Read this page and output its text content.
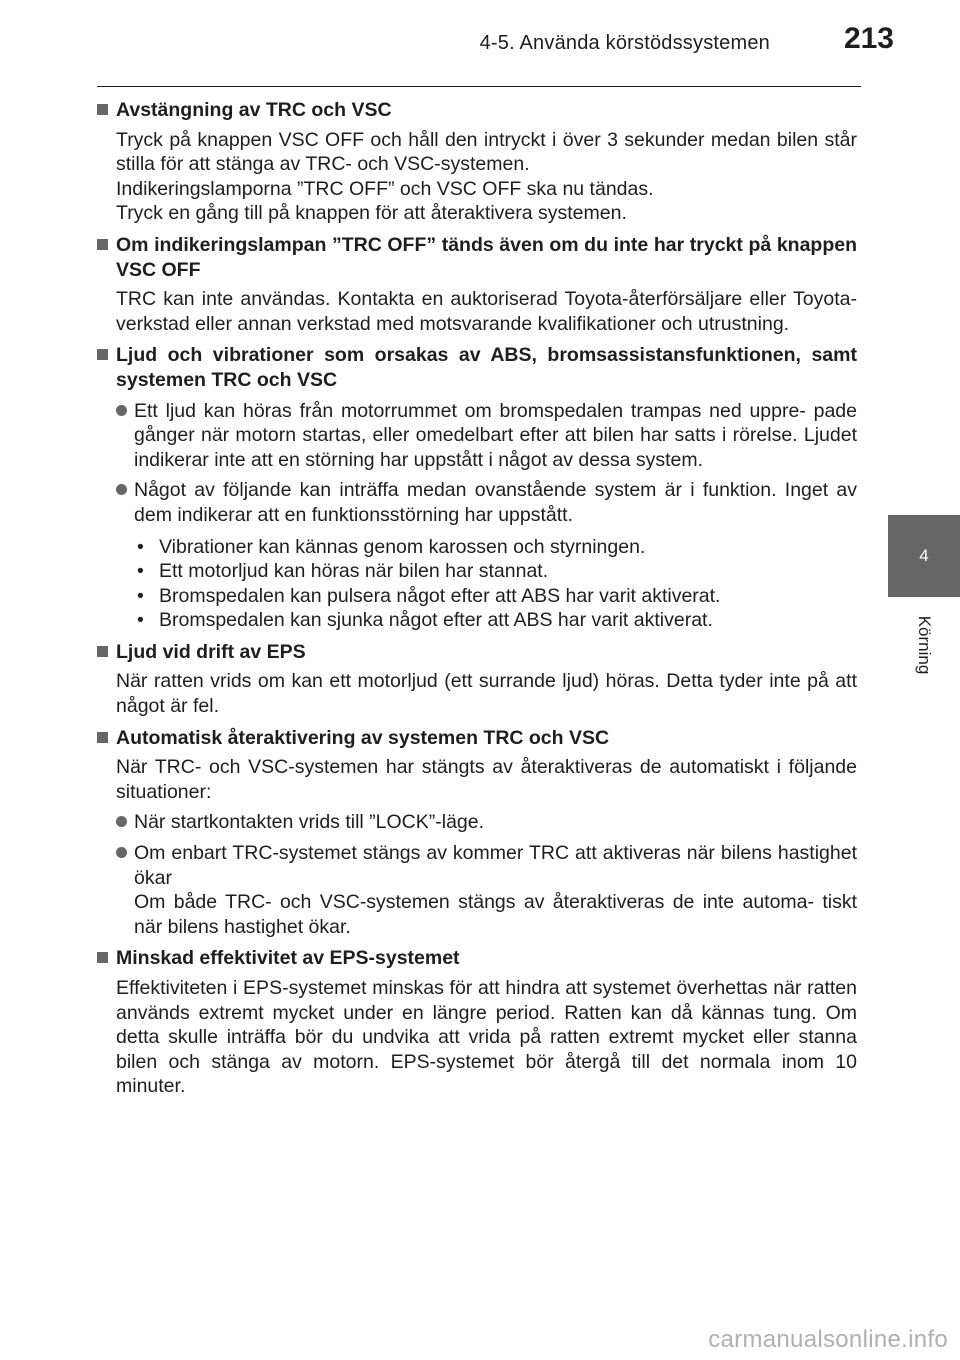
4-5. Använda körstödssystemen 213
4
Körning
Avstängning av TRC och VSC
Tryck på knappen VSC OFF och håll den intryckt i över 3 sekunder medan bilen står stilla för att stänga av TRC- och VSC-systemen.
Indikeringslamporna ”TRC OFF” och VSC OFF ska nu tändas.
Tryck en gång till på knappen för att återaktivera systemen.
Om indikeringslampan ”TRC OFF” tänds även om du inte har tryckt på knappen VSC OFF
TRC kan inte användas. Kontakta en auktoriserad Toyota-återförsäljare eller Toyota-verkstad eller annan verkstad med motsvarande kvalifikationer och utrustning.
Ljud och vibrationer som orsakas av ABS, bromsassistansfunktionen, samt systemen TRC och VSC
Ett ljud kan höras från motorrummet om bromspedalen trampas ned uppre- pade gånger när motorn startas, eller omedelbart efter att bilen har satts i rörelse. Ljudet indikerar inte att en störning har uppstått i något av dessa system.
Något av följande kan inträffa medan ovanstående system är i funktion. Inget av dem indikerar att en funktionsstörning har uppstått.
• Vibrationer kan kännas genom karossen och styrningen.
• Ett motorljud kan höras när bilen har stannat.
• Bromspedalen kan pulsera något efter att ABS har varit aktiverat.
• Bromspedalen kan sjunka något efter att ABS har varit aktiverat.
Ljud vid drift av EPS
När ratten vrids om kan ett motorljud (ett surrande ljud) höras. Detta tyder inte på att något är fel.
Automatisk återaktivering av systemen TRC och VSC
När TRC- och VSC-systemen har stängts av återaktiveras de automatiskt i följande situationer:
När startkontakten vrids till ”LOCK”-läge.
Om enbart TRC-systemet stängs av kommer TRC att aktiveras när bilens hastighet ökar
Om både TRC- och VSC-systemen stängs av återaktiveras de inte automa- tiskt när bilens hastighet ökar.
Minskad effektivitet av EPS-systemet
Effektiviteten i EPS-systemet minskas för att hindra att systemet överhettas när ratten används extremt mycket under en längre period. Ratten kan då kännas tung. Om detta skulle inträffa bör du undvika att vrida på ratten extremt mycket eller stanna bilen och stänga av motorn. EPS-systemet bör återgå till det normala inom 10 minuter.
carmanualsonline.info
